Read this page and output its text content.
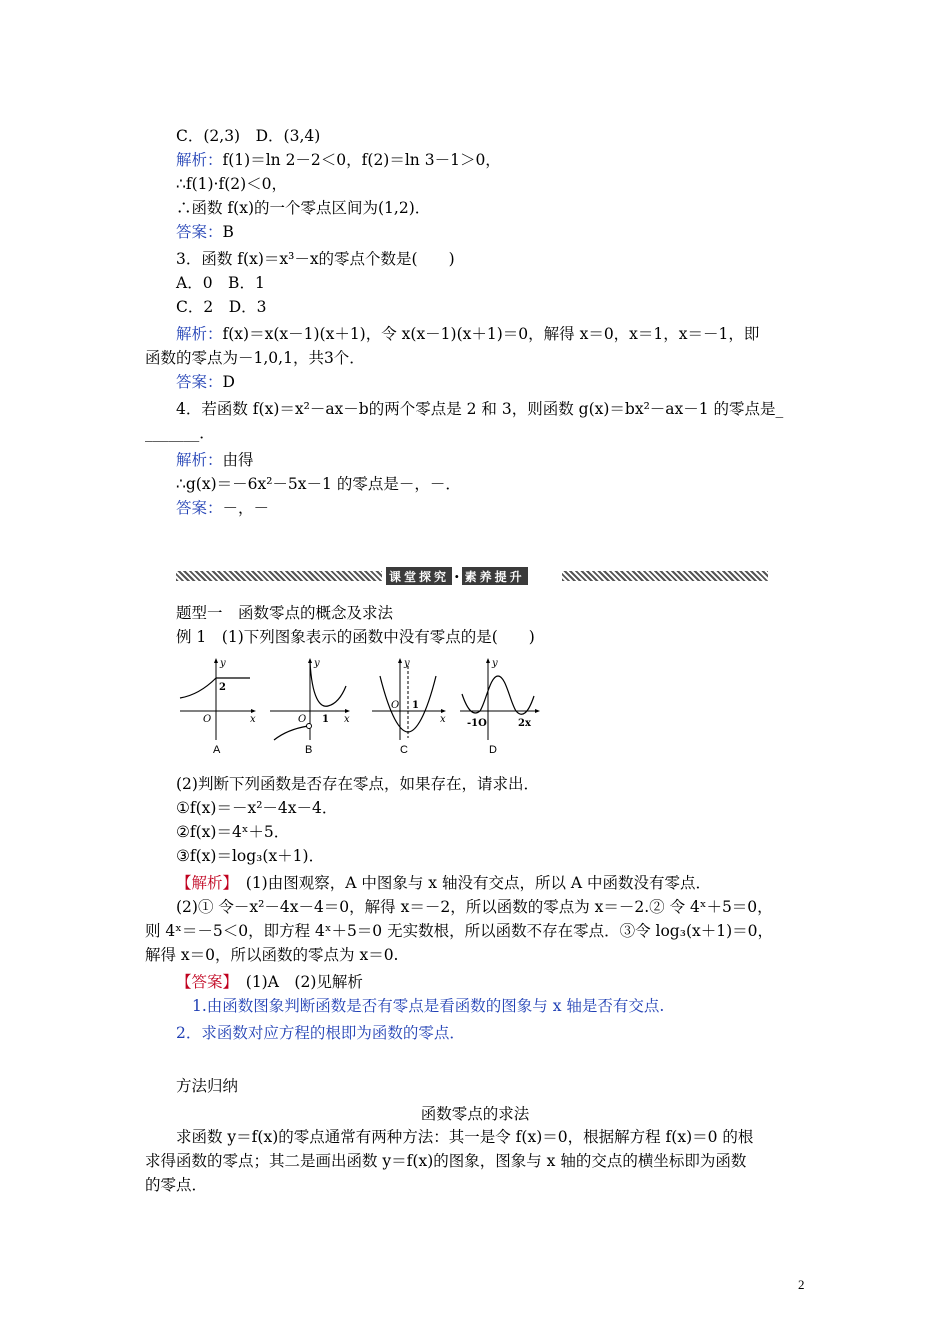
C．(2,3)　D．(3,4)
解析：f(1)＝ln 2－2＜0，f(2)＝ln 3－1＞0，
∴f(1)·f(2)＜0，
∴函数 f(x)的一个零点区间为(1,2)．
答案：B
3．函数 f(x)＝x³－x的零点个数是(　　)
A．0　B．1
C．2　D．3
解析：f(x)＝x(x－1)(x＋1)，令 x(x－1)(x＋1)＝0，解得 x＝0，x＝1，x＝－1，即
函数的零点为－1,0,1，共3个．
答案：D
4．若函数 f(x)＝x²－ax－b的两个零点是 2 和 3，则函数 g(x)＝bx²－ax－1 的零点是_
_______．
解析：由得
∴g(x)＝－6x²－5x－1 的零点是－，－．
答案：－，－
课堂探究 · 素养提升
题型一　函数零点的概念及求法
例 1　(1)下列图象表示的函数中没有零点的是(　　)
y
x
O
2
y
x
O 1
y
x
O 1
y
-1O	2x
A	B	C	D
(2)判断下列函数是否存在零点，如果存在，请求出．
①f(x)＝－x²－4x－4．
②f(x)＝4ˣ＋5．
③f(x)＝log₃(x＋1)．
【解析】　(1)由图观察，A 中图象与 x 轴没有交点，所以 A 中函数没有零点．
(2)① 令－x²－4x－4＝0，解得 x＝－2，所以函数的零点为 x＝－2.② 令 4ˣ＋5＝0，
则 4ˣ＝－5＜0，即方程 4ˣ＋5＝0 无实数根，所以函数不存在零点．③令 log₃(x＋1)＝0，
解得 x＝0，所以函数的零点为 x＝0.
【答案】　(1)A　(2)见解析
1.由函数图象判断函数是否有零点是看函数的图象与 x 轴是否有交点.
2．求函数对应方程的根即为函数的零点．
方法归纳
函数零点的求法
求函数 y＝f(x)的零点通常有两种方法：其一是令 f(x)＝0，根据解方程 f(x)＝0 的根
求得函数的零点；其二是画出函数 y＝f(x)的图象，图象与 x 轴的交点的横坐标即为函数
的零点．
2
